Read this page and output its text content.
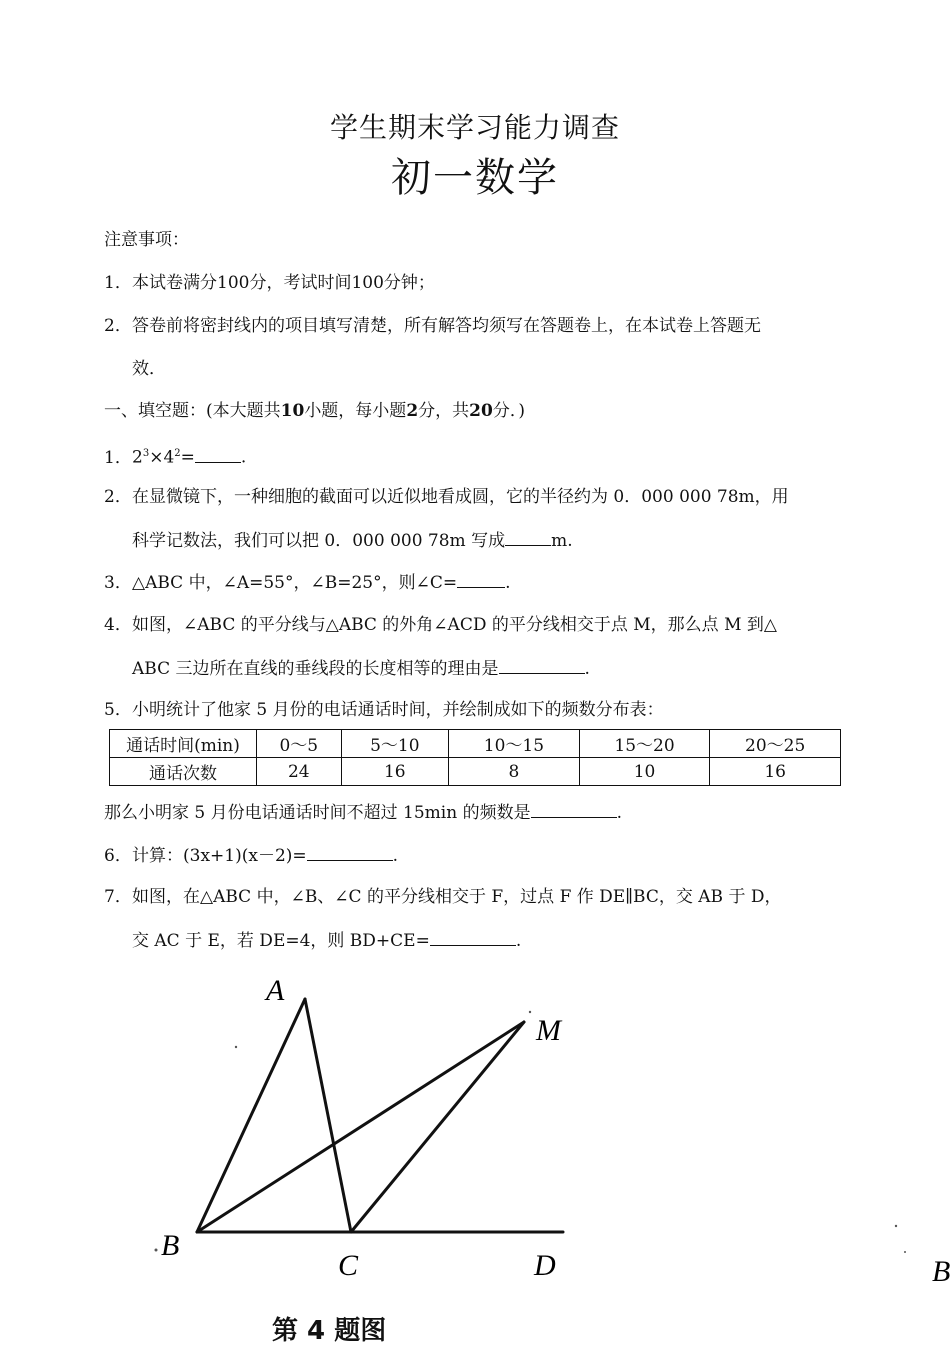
学生期末学习能力调查
初一数学
注意事项：
1．本试卷满分100分，考试时间100分钟；
2．答卷前将密封线内的项目填写清楚，所有解答均须写在答题卷上，在本试卷上答题无
效．
一、填空题：(本大题共10小题，每小题2分，共20分．)
1．$2^3\times 4^2=$	.
2．在显微镜下，一种细胞的截面可以近似地看成圆，它的半径约为 0．000 000 78m，用
科学记数法，我们可以把 0．000 000 78m 写成	m.
3．△ABC 中，∠A=55°，∠B=25°，则∠C=	.
4．如图，∠ABC 的平分线与△ABC 的外角∠ACD 的平分线相交于点 M，那么点 M 到△
ABC 三边所在直线的垂线段的长度相等的理由是	.
5．小明统计了他家 5 月份的电话通话时间，并绘制成如下的频数分布表：
通话时间(min)	0～5	5～10	10～15	15～20	20～25
通话次数	24	16	8	10	16
那么小明家 5 月份电话通话时间不超过 15min 的频数是	.
6．计算：(3x+1)(x－2)=	.
7．如图，在△ABC 中，∠B、∠C 的平分线相交于 F，过点 F 作 DE∥BC，交 AB 于 D，
交 AC 于 E，若 DE=4，则 BD+CE=	.
A
B
C	D
M
B
第 4 题图
